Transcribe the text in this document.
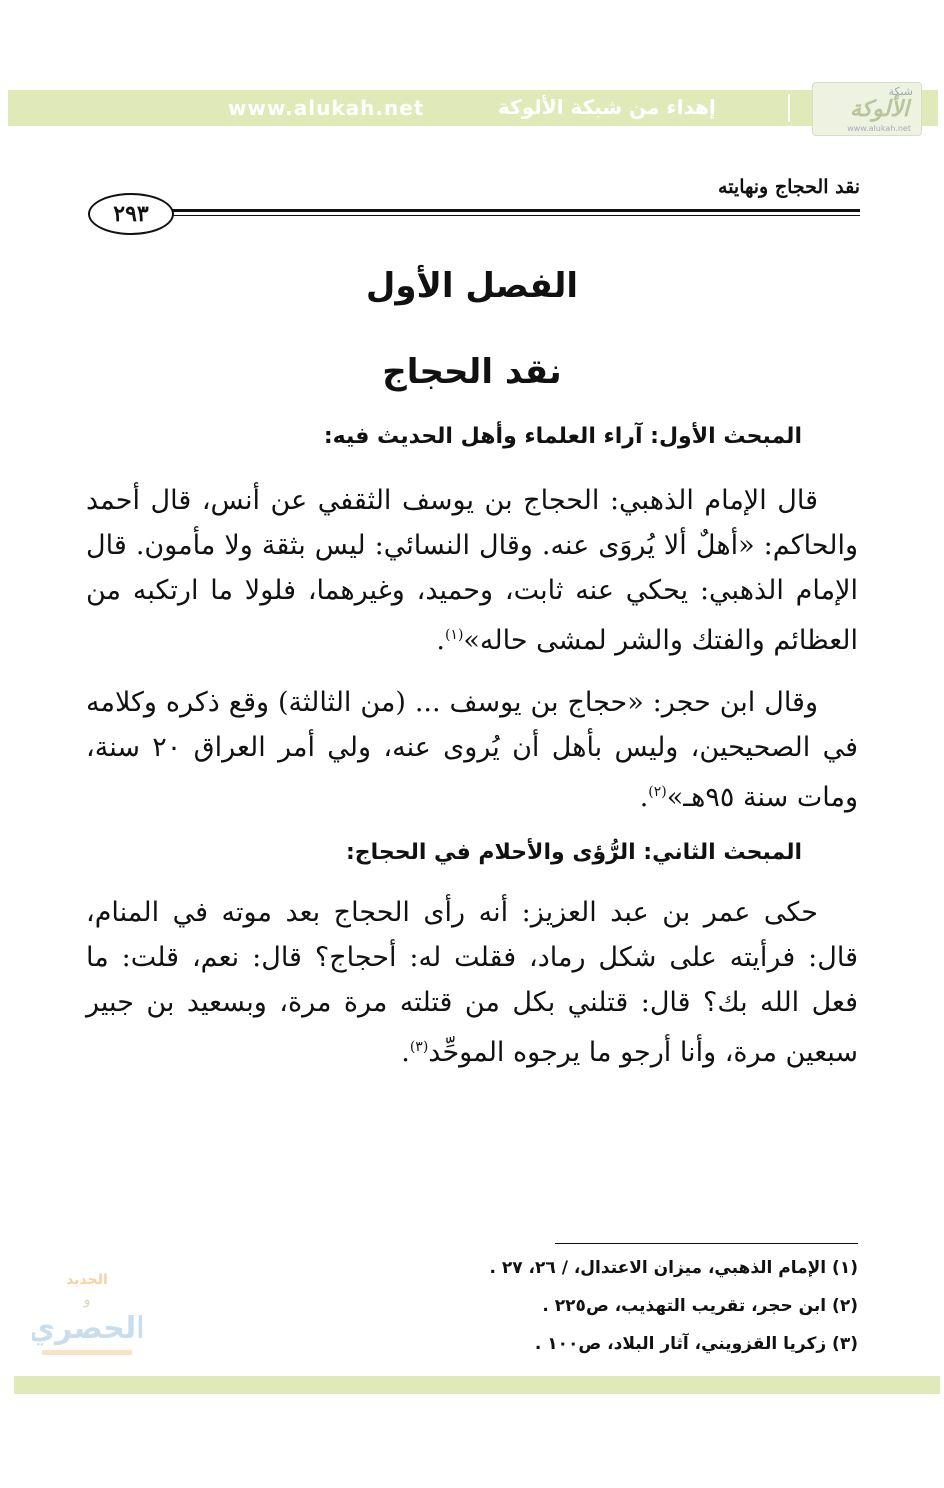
www.alukah.net	إهداء من شبكة الألوكة
شبكة
الألوكة
www.alukah.net
نقد الحجاج ونهايته
٢٩٣
الفصل الأول
نقد الحجاج
المبحث الأول: آراء العلماء وأهل الحديث فيه:
قال الإمام الذهبي: الحجاج بن يوسف الثقفي عن أنس، قال أحمد والحاكم: «أهلٌ ألا يُروَى عنه. وقال النسائي: ليس بثقة ولا مأمون. قال الإمام الذهبي: يحكي عنه ثابت، وحميد، وغيرهما، فلولا ما ارتكبه من العظائم والفتك والشر لمشى حاله»$^{(١)}$.
وقال ابن حجر: «حجاج بن يوسف ... (من الثالثة) وقع ذكره وكلامه في الصحيحين، وليس بأهل أن يُروى عنه، ولي أمر العراق ٢٠ سنة، ومات سنة ٩٥هـ»$^{(٢)}$.
المبحث الثاني: الرُّؤى والأحلام في الحجاج:
حكى عمر بن عبد العزيز: أنه رأى الحجاج بعد موته في المنام، قال: فرأيته على شكل رماد، فقلت له: أحجاج؟ قال: نعم، قلت: ما فعل الله بك؟ قال: قتلني بكل من قتلته مرة مرة، وبسعيد بن جبير سبعين مرة، وأنا أرجو ما يرجوه الموحِّد$^{(٣)}$.
(١) الإمام الذهبي، ميزان الاعتدال، / ٢٦، ٢٧ .
(٢) ابن حجر، تقريب التهذيب، ص٢٢٥ .
(٣) زكريا القزويني، آثار البلاد، ص١٠٠ .
الجديد
و
الحصري
